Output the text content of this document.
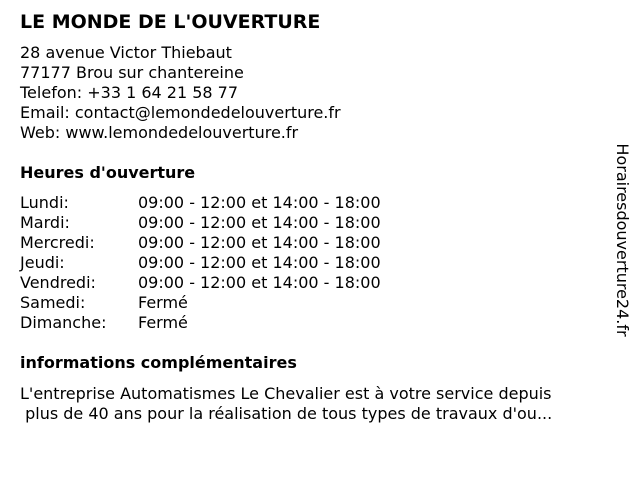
LE MONDE DE L'OUVERTURE
28 avenue Victor Thiebaut
77177 Brou sur chantereine
Telefon: +33 1 64 21 58 77
Email: contact@lemondedelouverture.fr
Web: www.lemondedelouverture.fr
Heures d'ouverture
Lundi:	09:00 - 12:00 et 14:00 - 18:00
Mardi:	09:00 - 12:00 et 14:00 - 18:00
Mercredi:	09:00 - 12:00 et 14:00 - 18:00
Jeudi:	09:00 - 12:00 et 14:00 - 18:00
Vendredi:	09:00 - 12:00 et 14:00 - 18:00
Samedi:	Fermé
Dimanche:	Fermé
informations complémentaires
L'entreprise Automatismes Le Chevalier est à votre service depuis
plus de 40 ans pour la réalisation de tous types de travaux d'ou...
Horairesdouverture24.fr
